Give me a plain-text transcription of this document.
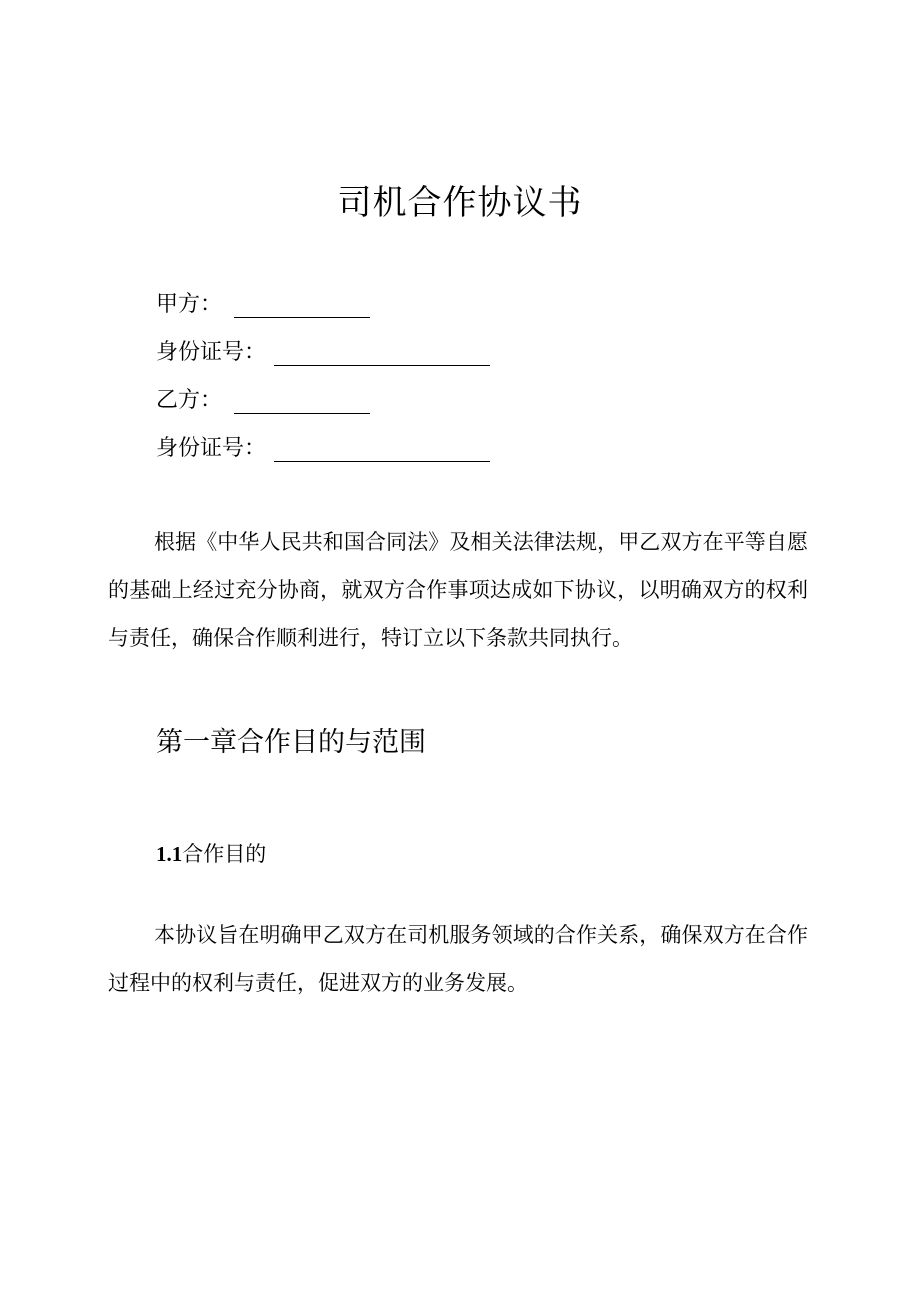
司机合作协议书
甲方：
身份证号：
乙方：
身份证号：
根据《中华人民共和国合同法》及相关法律法规，甲乙双方在平等自愿的基础上经过充分协商，就双方合作事项达成如下协议，以明确双方的权利与责任，确保合作顺利进行，特订立以下条款共同执行。
第一章合作目的与范围
1.1合作目的
本协议旨在明确甲乙双方在司机服务领域的合作关系，确保双方在合作过程中的权利与责任，促进双方的业务发展。
